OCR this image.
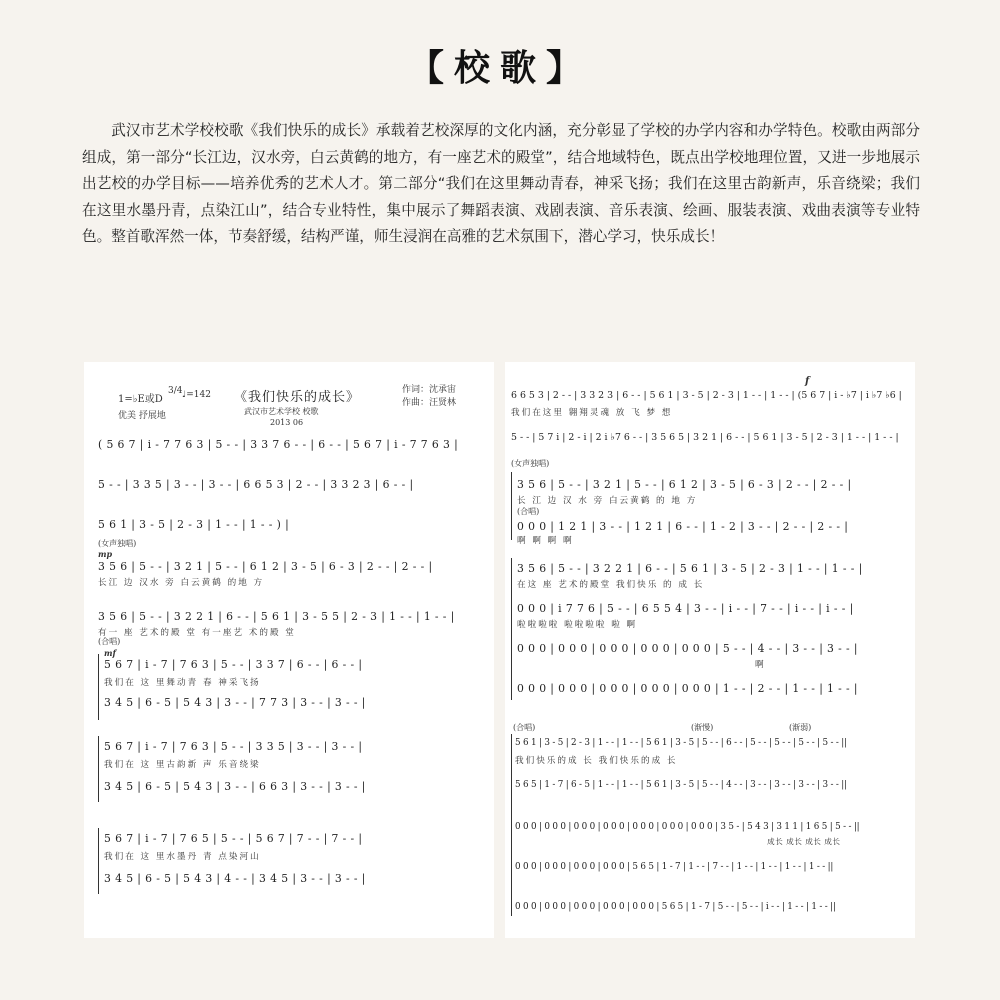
【校歌】

武汉市艺术学校校歌《我们快乐的成长》承载着艺校深厚的文化内涵，充分彰显了学校的办学内容和办学特色。校歌由两部分组成，第一部分“长江边，汉水旁，白云黄鹤的地方，有一座艺术的殿堂”，结合地域特色，既点出学校地理位置，又进一步地展示出艺校的办学目标——培养优秀的艺术人才。第二部分“我们在这里舞动青春，神采飞扬；我们在这里古韵新声，乐音绕梁；我们在这里水墨丹青，点染江山”，结合专业特性，集中展示了舞蹈表演、戏剧表演、音乐表演、绘画、服装表演、戏曲表演等专业特色。整首歌浑然一体，节奏舒缓，结构严谨，师生浸润在高雅的艺术氛围下，潜心学习，快乐成长！

1=♭E或D
3/4 ♩=142 《我们快乐的成长》	作词：沈承宙
作曲：汪贤林
优美 抒展地	武汉市艺术学校 校歌
2013 06
( 5 6 7 | i - 7 7 6 3 | 5 - - | 3 3 7 6 - - | 6 - - | 5 6 7 | i - 7 7 6 3 |
5 - - | 3 3 5 | 3 - - | 3 - - | 6 6 5 3 | 2 - - | 3 3 2 3 | 6 - - |
5 6 1 | 3 - 5 | 2 - 3 | 1 - - | 1 - - ) |
(女声独唱)
mp
3 5 6 | 5 - - | 3 2 1 | 5 - - | 6 1 2 | 3 - 5 | 6 - 3 | 2 - - | 2 - - |
长江 边 汉水 旁 白云黄鹤 的地 方
3 5 6 | 5 - - | 3 2 2 1 | 6 - - | 5 6 1 | 3 - 5 5 | 2 - 3 | 1 - - | 1 - - |
有一 座 艺术的殿 堂 有一座艺 术的殿 堂
(合唱)
mf
5 6 7 | i - 7 | 7 6 3 | 5 - - | 3 3 7 | 6 - - | 6 - - |
我们在 这 里舞动青 春 神采飞扬
3 4 5 | 6 - 5 | 5 4 3 | 3 - - | 7 7 3 | 3 - - | 3 - - |
5 6 7 | i - 7 | 7 6 3 | 5 - - | 3 3 5 | 3 - - | 3 - - |
我们在 这 里古韵新 声 乐音绕梁
3 4 5 | 6 - 5 | 5 4 3 | 3 - - | 6 6 3 | 3 - - | 3 - - |
5 6 7 | i - 7 | 7 6 5 | 5 - - | 5 6 7 | 7 - - | 7 - - |
我们在 这 里水墨丹 青 点染河山
3 4 5 | 6 - 5 | 5 4 3 | 4 - - | 3 4 5 | 3 - - | 3 - - |
f
6 6 5 3 | 2 - - | 3 3 2 3 | 6 - - | 5 6 1 | 3 - 5 | 2 - 3 | 1 - - | 1 - - | (5 6 7 | i - ♭7 | i ♭7 ♭6 |
我们在这里 翱翔灵魂 放 飞 梦 想
5 - - | 5 7 i | 2 - i | 2 i ♭7 6 - - | 3 5 6 5 | 3 2 1 | 6 - - | 5 6 1 | 3 - 5 | 2 - 3 | 1 - - | 1 - - |
(女声独唱)
3 5 6 | 5 - - | 3 2 1 | 5 - - | 6 1 2 | 3 - 5 | 6 - 3 | 2 - - | 2 - - |
长 江 边 汉 水 旁 白云黄鹤 的 地 方
(合唱)
0 0 0 | 1 2 1 | 3 - - | 1 2 1 | 6 - - | 1 - 2 | 3 - - | 2 - - | 2 - - |
啊 啊 啊 啊
3 5 6 | 5 - - | 3 2 2 1 | 6 - - | 5 6 1 | 3 - 5 | 2 - 3 | 1 - - | 1 - - |
在这 座 艺术的殿堂 我们快乐 的 成 长
0 0 0 | i 7 7 6 | 5 - - | 6 5 5 4 | 3 - - | i - - | 7 - - | i - - | i - - |
啦啦啦啦 啦啦啦啦 啦 啊
0 0 0 | 0 0 0 | 0 0 0 | 0 0 0 | 0 0 0 | 5 - - | 4 - - | 3 - - | 3 - - |
啊
0 0 0 | 0 0 0 | 0 0 0 | 0 0 0 | 0 0 0 | 1 - - | 2 - - | 1 - - | 1 - - |
(合唱)	(渐慢)	(渐弱)
5 6 1 | 3 - 5 | 2 - 3 | 1 - - | 1 - - | 5 6 1 | 3 - 5 | 5 - - | 6 - - | 5 - - | 5 - - | 5 - - | 5 - - ||
我们快乐的成 长 我们快乐的成 长
5 6 5 | 1 - 7 | 6 - 5 | 1 - - | 1 - - | 5 6 1 | 3 - 5 | 5 - - | 4 - - | 3 - - | 3 - - | 3 - - | 3 - - ||
0 0 0 | 0 0 0 | 0 0 0 | 0 0 0 | 0 0 0 | 0 0 0 | 0 0 0 | 3 5 - | 5 4 3 | 3 1 1 | 1 6 5 | 5 - - ||
成长 成长 成长 成长
0 0 0 | 0 0 0 | 0 0 0 | 0 0 0 | 5 6 5 | 1 - 7 | 1 - - | 7 - - | 1 - - | 1 - - | 1 - - | 1 - - ||
0 0 0 | 0 0 0 | 0 0 0 | 0 0 0 | 0 0 0 | 5 6 5 | 1 - 7 | 5 - - | 5 - - | i - - | 1 - - | 1 - - ||
